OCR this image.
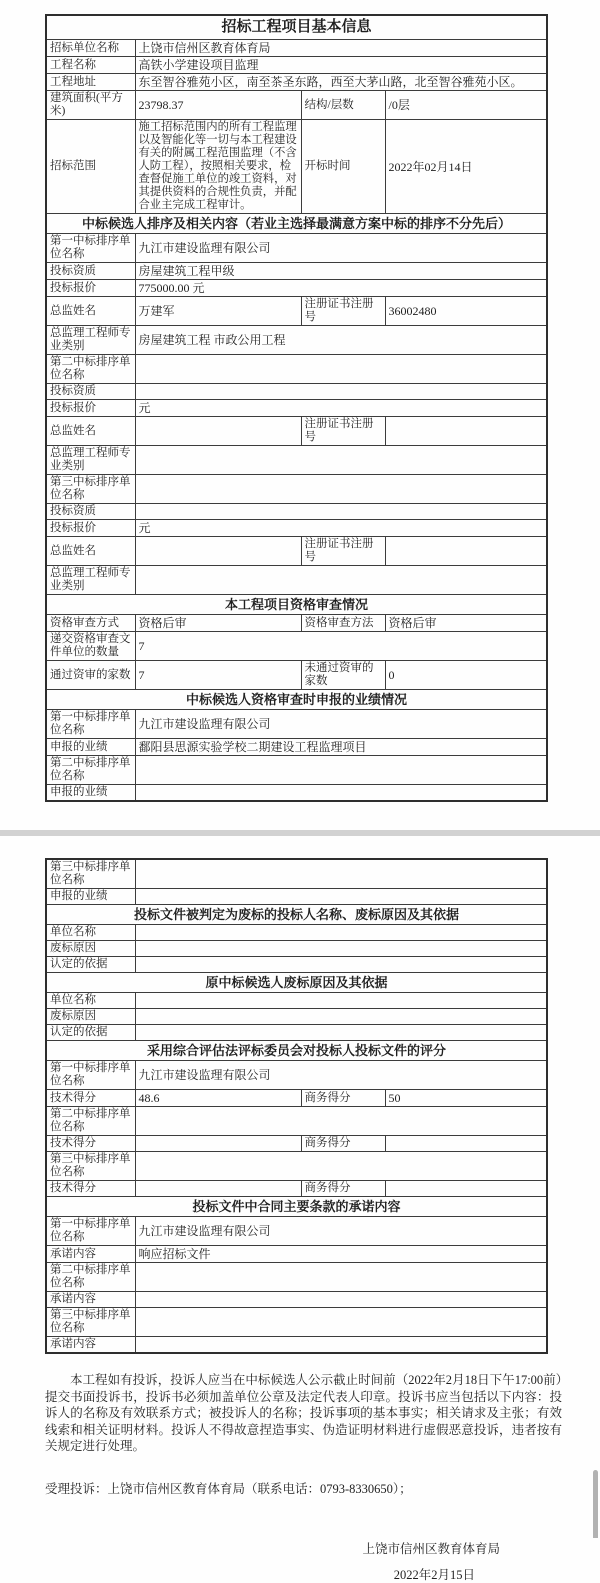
招标工程项目基本信息			
招标单位名称	上饶市信州区教育体育局		
工程名称	高铁小学建设项目监理		
工程地址	东至智谷雅苑小区，南至茶圣东路，西至大茅山路，北至智谷雅苑小区。		
建筑面积(平方米)	23798.37	结构/层数	/0层
招标范围	施工招标范围内的所有工程监理以及智能化等一切与本工程建设有关的附属工程范围监理（不含人防工程），按照相关要求，检查督促施工单位的竣工资料，对其提供资料的合规性负责，并配合业主完成工程审计。	开标时间	2022年02月14日
中标候选人排序及相关内容（若业主选择最满意方案中标的排序不分先后）			
第一中标排序单位名称	九江市建设监理有限公司		
投标资质	房屋建筑工程甲级		
投标报价	775000.00 元		
总监姓名	万建军	注册证书注册号	36002480
总监理工程师专业类别	房屋建筑工程 市政公用工程		
第二中标排序单位名称			
投标资质			
投标报价	元		
总监姓名		注册证书注册号	
总监理工程师专业类别			
第三中标排序单位名称			
投标资质			
投标报价	元		
总监姓名		注册证书注册号	
总监理工程师专业类别			
本工程项目资格审查情况			
资格审查方式	资格后审	资格审查方法	资格后审
递交资格审查文件单位的数量	7		
通过资审的家数	7	未通过资审的家数	0
中标候选人资格审查时申报的业绩情况			
第一中标排序单位名称	九江市建设监理有限公司		
申报的业绩	鄱阳县思源实验学校二期建设工程监理项目		
第二中标排序单位名称			
申报的业绩			
第三中标排序单位名称			
申报的业绩			
投标文件被判定为废标的投标人名称、废标原因及其依据			
单位名称			
废标原因			
认定的依据			
原中标候选人废标原因及其依据			
单位名称			
废标原因			
认定的依据			
采用综合评估法评标委员会对投标人投标文件的评分			
第一中标排序单位名称	九江市建设监理有限公司		
技术得分	48.6	商务得分	50
第二中标排序单位名称			
技术得分		商务得分	
第三中标排序单位名称			
技术得分		商务得分	
投标文件中合同主要条款的承诺内容			
第一中标排序单位名称	九江市建设监理有限公司		
承诺内容	响应招标文件		
第二中标排序单位名称			
承诺内容			
第三中标排序单位名称			
承诺内容			
本工程如有投诉，投诉人应当在中标候选人公示截止时间前（2022年2月18日下午17:00前）提交书面投诉书，投诉书必须加盖单位公章及法定代表人印章。投诉书应当包括以下内容：投诉人的名称及有效联系方式；被投诉人的名称；投诉事项的基本事实；相关请求及主张；有效线索和相关证明材料。投诉人不得故意捏造事实、伪造证明材料进行虚假恶意投诉，违者按有关规定进行处理。
受理投诉：上饶市信州区教育体育局（联系电话：0793-8330650）；
上饶市信州区教育体育局
2022年2月15日
